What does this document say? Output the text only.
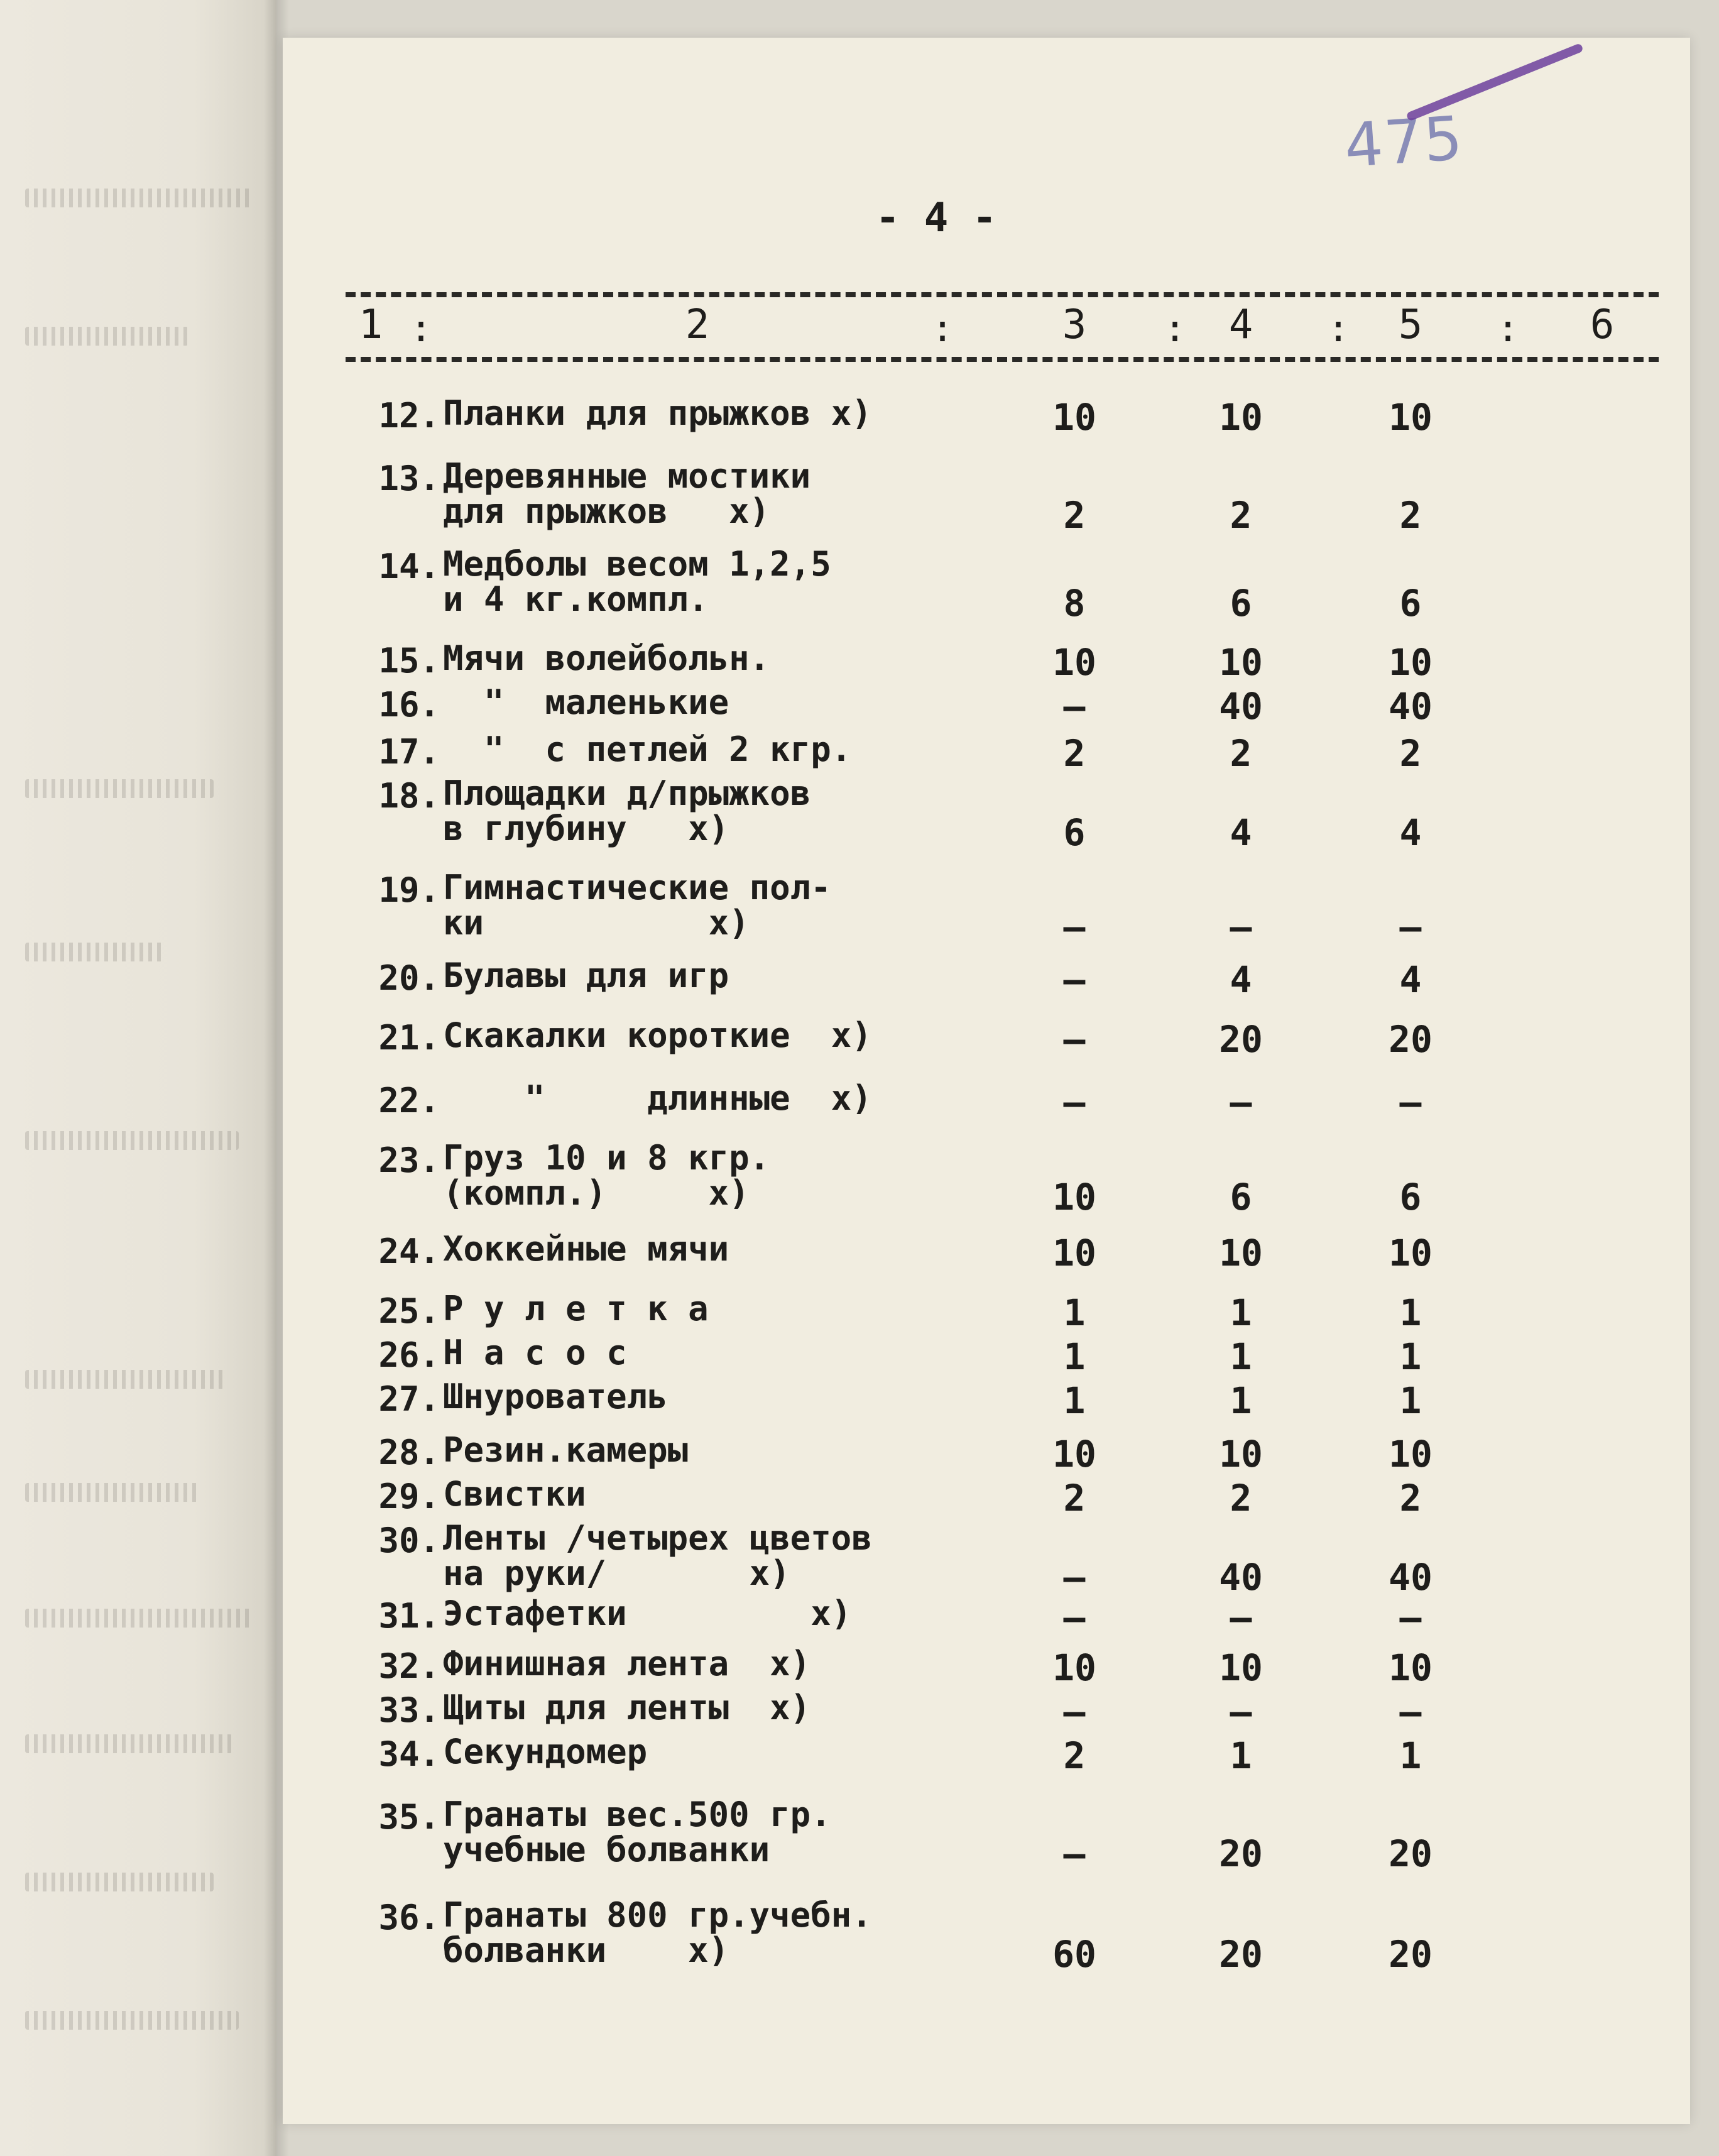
475
- 4 -
1 :	2	:	3	:	4	:	5	:	6
12. Планки для прыжков х)	10	10	10
13. Деревянные мостики
для прыжков   х)	2	2	2
14. Медболы весом 1,2,5
и 4 кг.компл.	8	6	6
15. Мячи волейбольн.	10	10	10
16. "  маленькие	–	40	40
17. "  с петлей 2 кгр.	2	2	2
18. Площадки д/прыжков
в глубину   х)	6	4	4
19. Гимнастические пол-
ки           х)	–	–	–
20. Булавы для игр	–	4	4
21. Скакалки короткие  х)	–	20	20
22. "     длинные  х)	–	–	–
23. Груз 10 и 8 кгр.
(компл.)     х)	10	6	6
24. Хоккейные мячи	10	10	10
25. Р у л е т к а	1	1	1
26. Н а с о с	1	1	1
27. Шнурователь	1	1	1
28. Резин.камеры	10	10	10
29. Свистки	2	2	2
30. Ленты /четырех цветов
на руки/       х)	–	40	40
31. Эстафетки         х)	–	–	–
32. Финишная лента  х)	10	10	10
33. Щиты для ленты  х)	–	–	–
34. Секундомер	2	1	1
35. Гранаты вес.500 гр.
учебные болванки	–	20	20
36. Гранаты 800 гр.учебн.
болванки    х)	60	20	20
